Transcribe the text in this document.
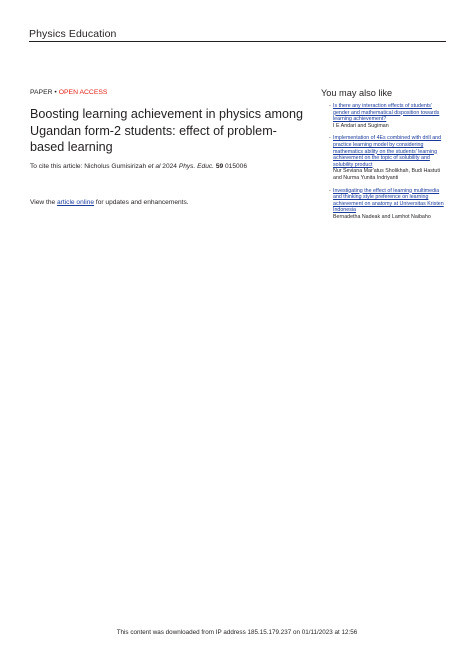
Physics Education
PAPER • OPEN ACCESS
Boosting learning achievement in physics among Ugandan form-2 students: effect of problem-based learning
To cite this article: Nicholus Gumisirizah et al 2024 Phys. Educ. 59 015006
View the article online for updates and enhancements.
You may also like
- Is there any interaction effects of students' gender and mathematical disposition towards learning achievement?
I E Andari and Sugiman
- Implementation of 4Es combined with drill and practice learning model by considering mathematics ability on the students' learning achievement on the topic of solubility and solubility product
Nur Seviana Mar'atus Sholikhah, Budi Hastuti and Nurma Yunita Indriyanti
- Investigating the effect of learning multimedia and thinking style preference on learning achievement on anatomy at Universitas Kristen Indonesia
Bernadetha Nadeak and Lamhot Naibaho
This content was downloaded from IP address 185.15.179.237 on 01/11/2023 at 12:56
